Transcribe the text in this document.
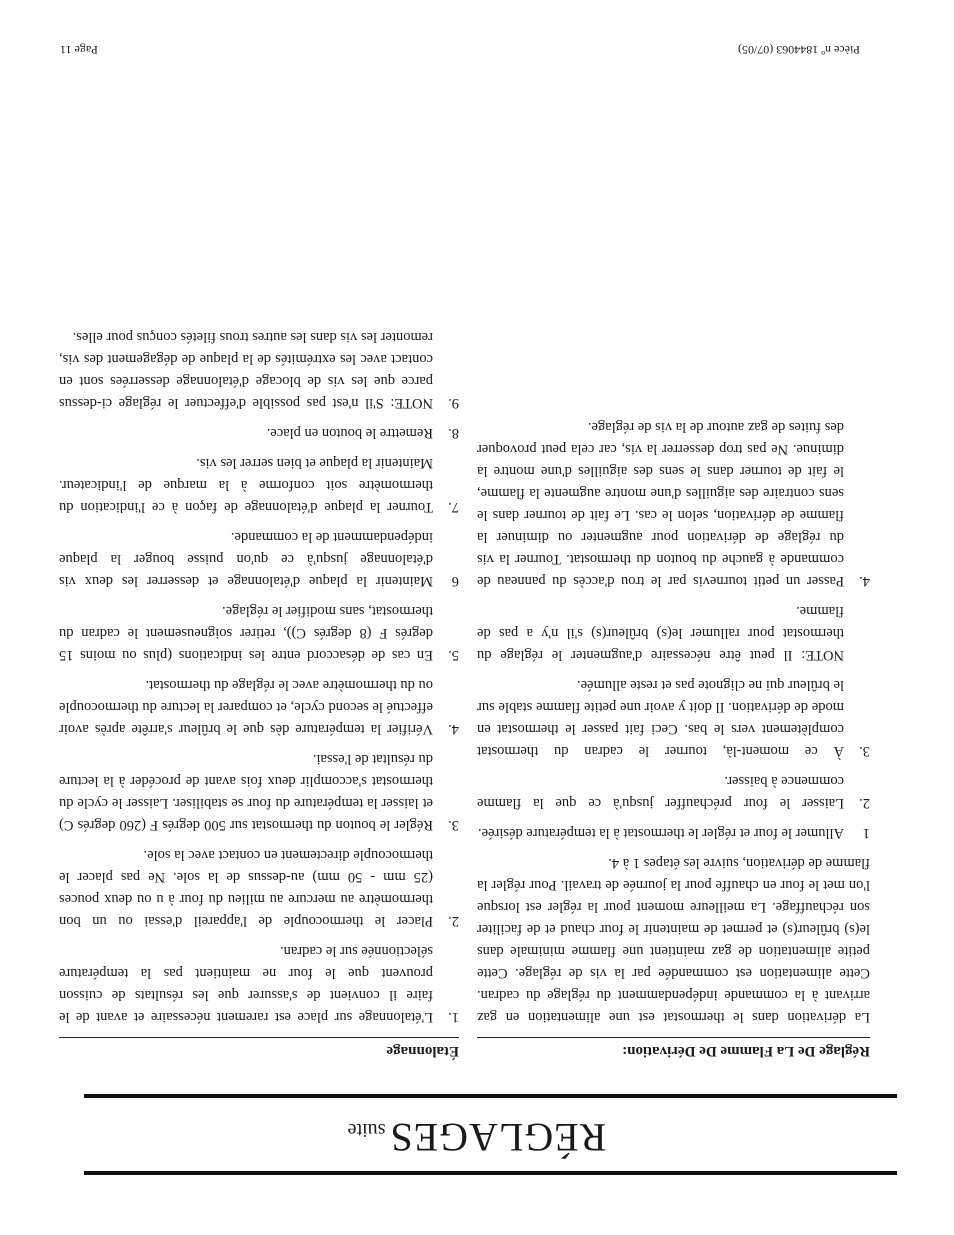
RÉGLAGESsuite
Réglage De La Flamme De Dérivation:

La dérivation dans le thermostat est une alimentation en gaz arrivant à la commande indépendamment du réglage du cadran. Cette alimentation est commandée par la vis de réglage. Cette petite alimentation de gaz maintient une flamme minimale dans le(s) brûleur(s) et permet de maintenir le four chaud et de faciliter son réchauffage. La meilleure moment pour la régler est lorsque l'on met le four en chauffe pour la journée de travail. Pour régler la flamme de dérivation, suivre les étapes 1 à 4.

1
Allumer le four et régler le thermostat à la température désirée.
2.
Laisser le four préchauffer jusqu'à ce que la flamme commence à baisser.
3.
À ce moment-là, tourner le cadran du thermostat complètement vers le bas. Ceci fait passer le thermostat en mode de dérivation. Il doit y avoir une petite flamme stable sur le brûleur qui ne clignote pas et reste allumée.

NOTE: Il peut être nécessaire d'augmenter le réglage du thermostat pour rallumer le(s) brûleur(s) s'il n'y a pas de flamme.

4.
Passer un petit tournevis par le trou d'accès du panneau de commande à gauche du bouton du thermostat. Tourner la vis du réglage de dérivation pour augmenter ou diminuer la flamme de dérivation, selon le cas. Le fait de tourner dans le sens contraire des aiguilles d'une montre augmente la flamme, le fait de tourner dans le sens des aiguilles d'une montre la diminue. Ne pas trop desserrer la vis, car cela peut provoquer des fuites de gaz autour de la vis de réglage.
Étalonnage
1.
L'étalonnage sur place est rarement nécessaire et avant de le faire il convient de s'assurer que les résultats de cuisson prouvent que le four ne maintient pas la température sélectionnée sur le cadran.
2.
Placer le thermocouple de l'appareil d'essai ou un bon thermomètre au mercure au milieu du four à u ou deux pouces (25 mm - 50 mm) au-dessus de la sole. Ne pas placer le thermocouple directement en contact avec la sole.
3.
Régler le bouton du thermostat sur 500 degrés F (260 degrés C) et laisser la température du four se stabiliser. Laisser le cycle du thermostat s'accomplir deux fois avant de procéder à la lecture du résultat de l'essai.
4.
Vérifier la température dès que le brûleur s'arrête après avoir effectué le second cycle, et comparer la lecture du thermocouple ou du thermomètre avec le réglage du thermostat.
5.
En cas de désaccord entre les indications (plus ou moins 15 degrés F (8 degrés C)), retirer soigneusement le cadran du thermostat, sans modifier le réglage.
6
Maintenir la plaque d'étalonnage et desserrer les deux vis d'étalonnage jusqu'à ce qu'on puisse bouger la plaque indépendamment de la commande.
7.
Tourner la plaque d'étalonnage de façon à ce l'indication du thermomètre soit conforme à la marque de l'indicateur. Maintenir la plaque et bien serrer les vis.
8.
Remettre le bouton en place.
9.
NOTE: S'il n'est pas possible d'effectuer le réglage ci-dessus parce que les vis de blocage d'étalonnage desserrées sont en contact avec les extrémités de la plaque de dégagement des vis, remonter les vis dans les autres trous filetés conçus pour elles.
Pièce nº 1844063 (07/05)
Page 11
